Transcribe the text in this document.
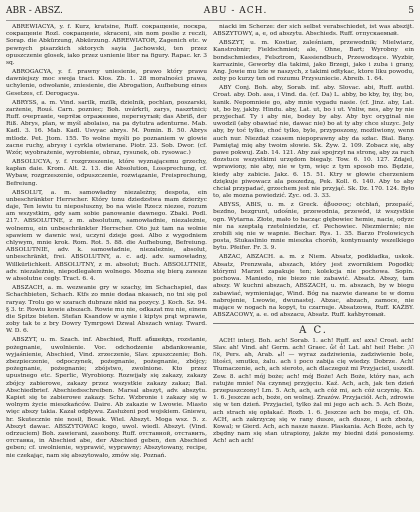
ABR - ABSZ.	ABU - ACH.	5

ABREWIACYA, y. f. Kurz, kratsine, Ruff. сокращенiе, поскрa, сокращенiе Rozl. сокращенiе, skraceni, sin nom poslie z reczli, Sorap. die Abkürzung, Abkürzung. ABREWIATOR, Zagenich etc. w pewnych pisarzkich sktorych sayia Jachowski, ten przez opuszczenie glosek, iako przez usnienie liter na figury. Rapac. kr. 3 sq.

ABROGACYA, y. f. prawny uniesienie, prawo który prawu dawniejszy moc swoja traci. Kłos. Zb. 1. 28 moralności prawa, uchylenie, odwołanie, zniesienie, die Abrogation, Aufhebung eines Gesetzes, cf. Derogacya.

ABRYSS, a. m. Vind. sarilk, mzilk, dzielnik, pochlan, poszarski, zarżenie, Rouś. Carn. pozniec; Boh. uvárkrli, zarys, naszrtnici; Ruff. очертанiе, чертёж отражение, перегнутый; das Abriß, der Riß. Abrys, plan, w myśl abolaiso, na pa dytutra adenturne. Mab. Kadl. 3. 16. Mab. Kadl. Usvyac abrys. M. Pomin. B. 50. Abrys mtlodz. Pet. Jtom. 155. To wolne myśli po poznaniem w glowie zacne ruchy, abrysy i cyrkla otwierane. Piotr. 23. Sob. Dwor. (cf. Wzór, wyobrażenie, wyrobienie, obraz, rysunek, ob. rysowac.)

ABSOLUCYA, y. f. rozgrzeszenie, które wyznającemu grzechy, kapłan daie. Krom. Alt. 2. 13. die Absolution, Lossprechung, cf. Wybaw, rozgrzeszenie, odpuszczenie, rozwiązanie, Freisprechung, Befreiung.

ABSOLUT, a. m. samowładny niezależny, despota, ein unbeschränkter Herrscher. Który tonu dziedzstwa mam dzierżyc daje, Ten lewiu tu nieposłuszny, bo na wiele Rzecz niezee, rozum am wszystkim, gdy sam sobie panowanie dawnego. Zbaki. Podl. 217. ABSOLUTNE, z m. absolutum, samowładnie, niezależnie, wolnemu, ein unbeschränkter Herrscher. Oto już tam na wolnie spawiem w dawnic wsi, uczyni dzieje gosi. Albo z wygodniem chlywym, mnie krok. Rom. Rot. 5. 88. die Aufhebung, Befreiung. ABSOLUTNIE, adv. k. samowładnie, niezależnie, absolut, unbeschränkt, frei. ABSOLUTNY, a. c. adj. adv. samowładny, Willkürlichkeit. ABSOLUTNY, z m. absolut; Buch. ABSOLUTNIE, adv. niezależnie, niepodlegałem wolnego. Mozna się bierą zawsze w absolutne cegły. Tract. 6. 4.

ABSZACH, a. m. wezwanie gry w szachy, im Schachspiel, das Schachbieten, Schach. Ktfs zo mnie dodaa nkasach, no tni się pol raryay. Trolu go w szarach dubraze nkid na pozycy. J. Koch. Sz. 94. § 3. tr. Rowiu kowie abszach. Rowie mu nie, odkazat mu nie, einem die Spitze bieten. Stefan Ksandow w aynie i kiptys prąt wprawie, zoby tak te z bry Dowry Tymrgowi Dzwal Abszach wniay. Tward. W. D. 6.

ABSZYT, u. m. Szach. inf. Abschied, Ruff. абшейдъ, rozstanie, pożegnanie, uwolnienie. Voc. odchodzenie abdankowanie, wyjaśnienie, Abschied, Vind. zrzeczenie, Slav. zpuszczenie; Boh. zbezpieczenie, odpoczynek, pożegnanie, pożegnanie, zbójcy; pożegnanie, pożegnanie; zbójstwo, zwolnione. Kto przez upustnego etc. Sperlic, Wyrobiony. Rozwijały się zakazy, zakazy zbójcy zabierowe, zakazy przez wszystkie zakazy zakaz; Bal. Abschiedbrief. Abschiedsschreiben. Marsal abszyt, adv. abszytu. Kapiet się te zabierowe zakazy. Schz. Wzbronie i zakazy się w wolnym życie mieszkańców. Daire. Ab zakazie w Lwowie. Miasto więc abszy takia. Kazał odpływu. Zasłużeni pod wojskiem. Gniewu, hr. Skutecznie nie nosił, Bosak. Wiel. Abszyt. Moga wsz. 5. z. Abszyt dawac. ABSZYTOWAC kogo, uwol. wiedl. Abszyt. (Vind. odrzuciem) Boh. zawierani, zasobony. Ruff. отставной, отставить, отставка, in Abschied abe, der Abschied geben, den Abschied geben; cf. uwolnienie, wyprawić, wyprawny; Abszytowany, recipe, nie czekając, nam się abszytowało, zmów się. Poznań.

niacki im Scherze: der sich selbst verabschiedet, ist was abszijt. ABSZYTOWY, a, e, od abszytu. Abschieds. Ruff. отпускаемый.

ABSZYT, u. m. Kostiar, zaleśniam, przewodnik; Mielwiarz, Kanstrobnir; Fieldschmied; ale, Ohne, Bart; Wyrobny ein bondschmiedes, Felsztrom, Kassiendbuch, Przewodzące. Wyzbir, karrazinie, Geworby dla takimi, jako Brzegi, jako i zuba i grany, Ang. Jowie mu lzie w naszych, z takimi odtykac, ktore liku powodu, zeby po kurzy ten od rozumu Przysuniecie. Abreib. 1. 64.

ABY Conj. Boh. aby, Sorab. inf. aby. Slovac. abi, Ruff. autbl. Croat. aby. Doh. asa, i Vind. da. (cf. Da) L. abby, bo kby, by, iby, bo, kanik. Nepomnieie go, aby mnie vygadu nasie. (cf. Jinz. aby, Lat. ut, bo by, jakby. Hindu. aby, Lat. ut, bo i ut. Vnliw, nes, aby by nie przyjechaf. Ty i aby nie, bodey by aby. Aby byc oryginal nie uwodzil (aby obawiać nie, dawac nie) bo at ty aby chce sluzyc. Jely aby, by toć tylko, choć tylko, byle, przyposzony, możliwiony, wenn auch nur. Niezdaż czasem niepoprawny aby da szłac. Bial. Bany. Pamiętaj mię aby twoim słowie. Sk. Żyw. 2. 109. Zobacz się, aby pawe pokwuj. Zab. 14. 121. Aby zaś spojrzył na stronę, aby za ruch dozstuce wszystkimi urzędom biegaly. Tow. 6. 10. 127. Zdajel, wprawiony, nie aby, nie w tym, więc z tym sposob mo. Będzie, kiedy aby zabicie. Jakz. 6. 15. 51. Ktry w głowie cherzeniem dziękuje piwowacz ala poszedzą, Pek. Koll. 6. 140. Aby to aby chciał przypadać, grzechem jest nie przyjąć. Sk. Dz. 170. 124. Było to, ale mozna powiedzić. Zyc. od. 3. 33.

ABYSS, ABIS, u. m. z Greck. άβυσσος; otchłań, przepaść, bezdno, bezgrunt, udośnie, przewodnia, przewód, iż wszystkie ogn. Wytarna. Złote, mało to bacząc głębowiec hemie, nacie, odyzc nie na szeptałą rzetelniedzie, cf. Pechowiec. Niezmiernie; nie zrobili się nie w wapnie. Bechar. Rys. 1. 35. Barzo Frolowicych posta, Stukaslinio mnie mieszka chorób, kontynuanty wszelkiego bytu. Pfeifer. Fr. 3. 9.

ABZAC, ABZACH. a. m. z Niem. Absatz, podkładka, uskok. Absatz, Prenzwała, abszach, który jest zwornikiem Pogodki; którymi Marzet zapakuje ten; kolekcja nie pochowa. Sopin. pochowa. Maniedo, nie biezo nie zabawić. Absatz. Abszy, tam abszy. W kuchni abszach, ABSZACH, u. m. abszach, by w biegu zabawiać, wymieniając, Wind. Bóg na nazwie dawane te w domu nabrojenie, Lwowie, dwunastej. Abzac, abzach, zamoce, nie mające w nogach na kopyt, tu czarnuje. Absatzowa, Ruff. KAŹBY. ABSZACOWY, a. e. od abszacu, Absatz. Ruff. kaѣbyтовый.

A C.

ACH! interj. Boh. ach! Sorab. 1. ach! Ruff. ах! ахъ! Croat. ach! Slav. ah! Vind. ah! Germ. ach! Graec. ὤ! ἆ! Lat. ah! hei! Hebr. הו, אח, Pers. ah, Arab. اه! — wyraz zadziwienia, zadziwienie bole, litości, smutku, żalu. ach i poco zabija cię wiedzy. Dobrze. Ach! Tłumaczenie, ach, ach sieroto, ach dlaczegoż mi Przyjaciel, uszedł. Zew. 8. ach! mój boże; ach! mój Boże! Ach Boże, który nas, ach ratujże mnie! Na czynnej przyjęciu. Kaź. Ach, ach, jak ten dzień przepuszczony! Lm. 5. Ach, ach, ach cóż mi, ach cóż uczynię. Kn. 1. 6. Jeszcze ach, boże, on wolnej. Zrazów. Przyjaciół. Ach, zdrowie się w ten dzień. Przyjaciel, tylko żal mi jego ach ach. 5. Ach Boże, ach strach się opłakać. Rozb. 1. 6. Jeszcze ach bo moja, cf. Oh. ACH, ach zakrzyczę się w rany dusze, ach dusze, i ach zboża, Kowal; w Gierd. Ach, ach nasze nasze. Plaskania. Ach Boże, ach ty zbędny nam się stan utrapiony, jakże my biedni dziś ponosiemy. Ach! ach ach!
